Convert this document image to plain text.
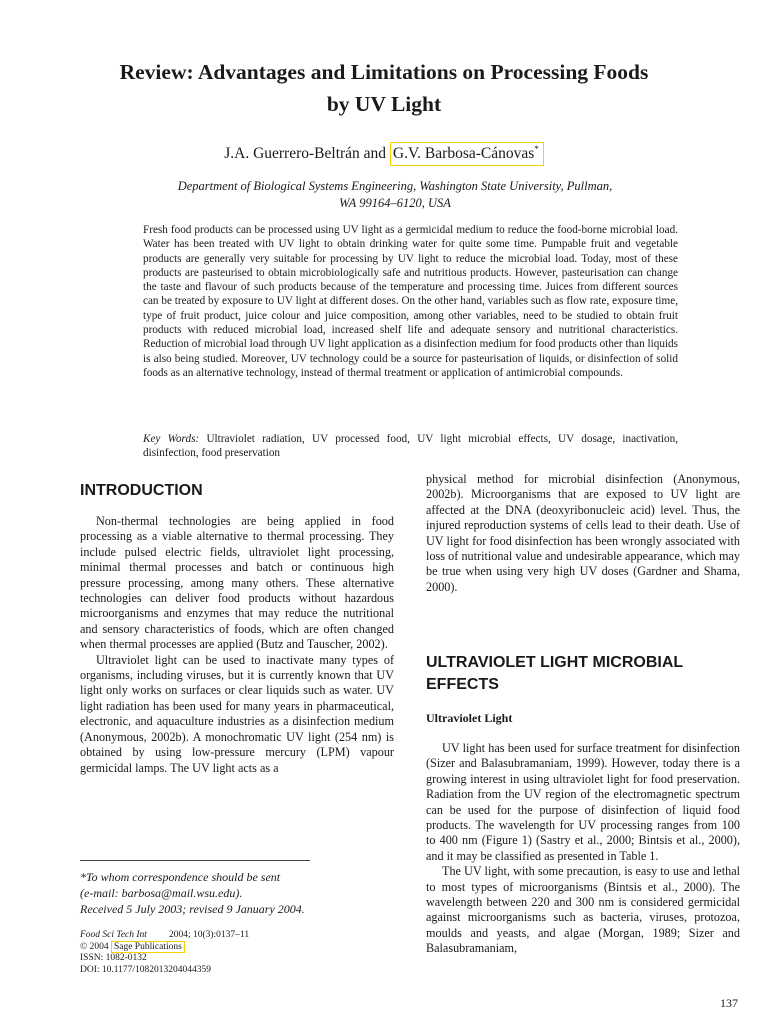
Review: Advantages and Limitations on Processing Foods
by UV Light
J.A. Guerrero-Beltrán and G.V. Barbosa-Cánovas*
Department of Biological Systems Engineering, Washington State University, Pullman,
WA 99164–6120, USA

Fresh food products can be processed using UV light as a germicidal medium to reduce the food-borne microbial load. Water has been treated with UV light to obtain drinking water for quite some time. Pumpable fruit and vegetable products are generally very suitable for processing by UV light to reduce the microbial load. Today, most of these products are pasteurised to obtain microbiologically safe and nutritious products. However, pasteurisation can change the taste and flavour of such products because of the temperature and processing time. Juices from different sources can be treated by exposure to UV light at different doses. On the other hand, variables such as flow rate, exposure time, type of fruit product, juice colour and juice composition, among other variables, need to be studied to obtain fruit products with reduced microbial load, increased shelf life and adequate sensory and nutritional characteristics. Reduction of microbial load through UV light application as a disinfection medium for food products other than liquids is also being studied. Moreover, UV technology could be a source for pasteurisation of liquids, or disinfection of solid foods as an alternative technology, instead of thermal treatment or application of antimicrobial compounds.

Key Words: Ultraviolet radiation, UV processed food, UV light microbial effects, UV dosage, inactivation, disinfection, food preservation

INTRODUCTION

Non-thermal technologies are being applied in food processing as a viable alternative to thermal processing. They include pulsed electric fields, ultraviolet light processing, minimal thermal processes and batch or continuous high pressure processing, among many others. These alternative technologies can deliver food products without hazardous microorganisms and enzymes that may reduce the nutritional and sensory characteristics of foods, which are often changed when thermal processes are applied (Butz and Tauscher, 2002).

Ultraviolet light can be used to inactivate many types of organisms, including viruses, but it is currently known that UV light only works on surfaces or clear liquids such as water. UV light radiation has been used for many years in pharmaceutical, electronic, and aquaculture industries as a disinfection medium (Anonymous, 2002b). A monochromatic UV light (254 nm) is obtained by using low-pressure mercury (LPM) vapour germicidal lamps. The UV light acts as a

physical method for microbial disinfection (Anonymous, 2002b). Microorganisms that are exposed to UV light are affected at the DNA (deoxyribonucleic acid) level. Thus, the injured reproduction systems of cells lead to their death. Use of UV light for food disinfection has been wrongly associated with loss of nutritional value and undesirable appearance, which may be true when using very high UV doses (Gardner and Shama, 2000).

ULTRAVIOLET LIGHT MICROBIAL
EFFECTS
Ultraviolet Light

UV light has been used for surface treatment for disinfection (Sizer and Balasubramaniam, 1999). However, today there is a growing interest in using ultraviolet light for food preservation. Radiation from the UV region of the electromagnetic spectrum can be used for the purpose of disinfection of liquid food products. The wavelength for UV processing ranges from 100 to 400 nm (Figure 1) (Sastry et al., 2000; Bintsis et al., 2000), and it may be classified as presented in Table 1.

The UV light, with some precaution, is easy to use and lethal to most types of microorganisms (Bintsis et al., 2000). The wavelength between 220 and 300 nm is considered germicidal against microorganisms such as bacteria, viruses, protozoa, moulds and yeasts, and algae (Morgan, 1989; Sizer and Balasubramaniam,

*To whom correspondence should be sent
(e-mail: barbosa@mail.wsu.edu).
Received 5 July 2003; revised 9 January 2004.
Food Sci Tech Int 2004; 10(3):0137–11
© 2004 Sage Publications
ISSN: 1082-0132
DOI: 10.1177/1082013204044359
137
